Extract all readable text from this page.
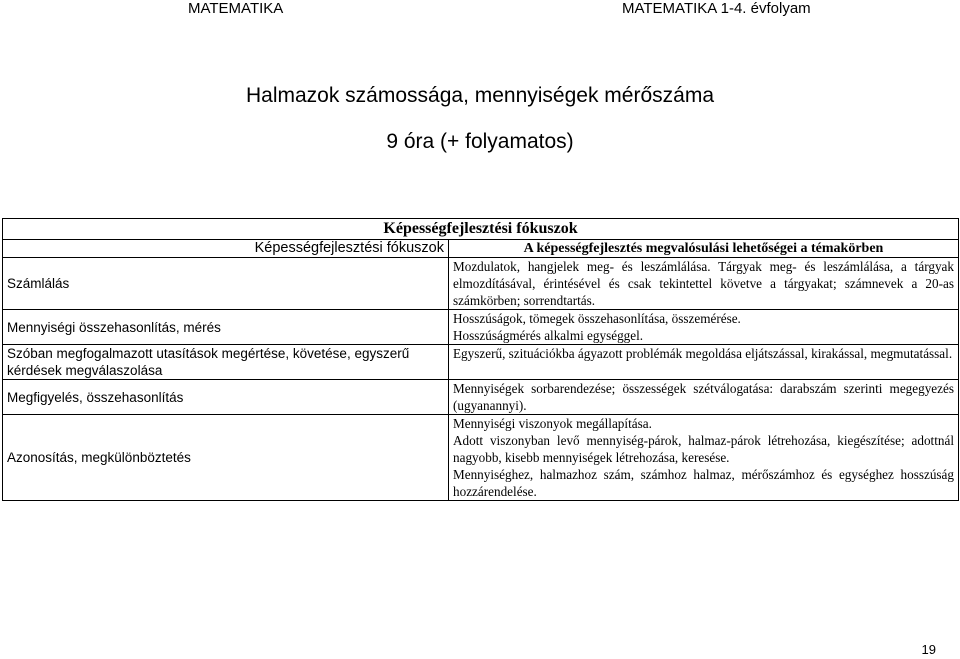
MATEMATIKA	MATEMATIKA 1-4. évfolyam
Halmazok számossága, mennyiségek mérőszáma
9 óra (+ folyamatos)
Képességfejlesztési fókuszok	
Képességfejlesztési fókuszok	A képességfejlesztés megvalósulási lehetőségei a témakörben
Számlálás	Mozdulatok, hangjelek meg- és leszámlálása. Tárgyak meg- és leszámlálása, a tárgyak elmozdításával, érintésével és csak tekintettel követve a tárgyakat; számnevek a 20-as számkörben; sorrendtartás.

Mennyiségi összehasonlítás, mérés	Hosszúságok, tömegek összehasonlítása, összemérése.
Hosszúságmérés alkalmi egységgel.

Szóban megfogalmazott utasítások megértése, követése, egyszerű kérdések megválaszolása	Egyszerű, szituációkba ágyazott problémák megoldása eljátszással, kirakással, megmutatással.

Megfigyelés, összehasonlítás	Mennyiségek sorbarendezése; összességek szétválogatása: darabszám szerinti megegyezés (ugyanannyi).

Azonosítás, megkülönböztetés	Mennyiségi viszonyok megállapítása.
Adott viszonyban levő mennyiség-párok, halmaz-párok létrehozása, kiegészítése; adottnál nagyobb, kisebb mennyiségek létrehozása, keresése.
Mennyiséghez, halmazhoz szám, számhoz halmaz, mérőszámhoz és egységhez hosszúság hozzárendelése.
19
